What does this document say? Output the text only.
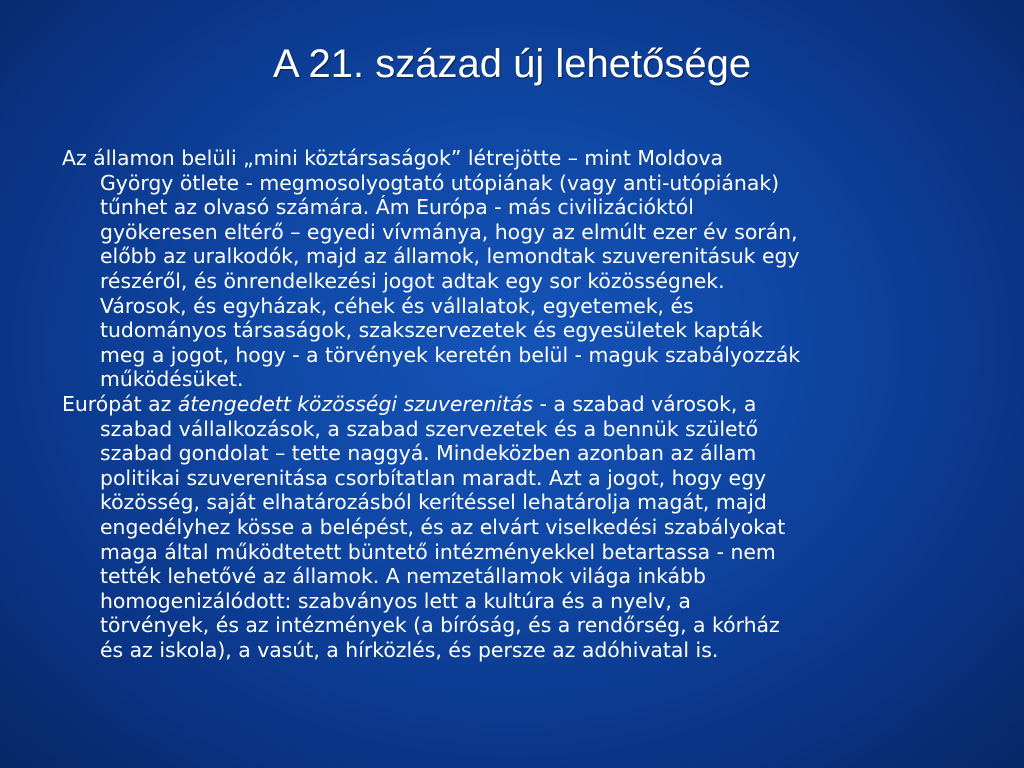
A 21. század új lehetősége

Az államon belüli „mini köztársaságok” létrejötte – mint Moldova
György ötlete - megmosolyogtató utópiának (vagy anti-utópiának)
tűnhet az olvasó számára. Ám Európa - más civilizációktól
gyökeresen eltérő – egyedi vívmánya, hogy az elmúlt ezer év során,
előbb az uralkodók, majd az államok, lemondtak szuverenitásuk egy
részéről, és önrendelkezési jogot adtak egy sor közösségnek.
Városok, és egyházak, céhek és vállalatok, egyetemek, és
tudományos társaságok, szakszervezetek és egyesületek kapták
meg a jogot, hogy - a törvények keretén belül - maguk szabályozzák
működésüket.

Európát az átengedett közösségi szuverenitás - a szabad városok, a
szabad vállalkozások, a szabad szervezetek és a bennük születő
szabad gondolat – tette naggyá. Mindeközben azonban az állam
politikai szuverenitása csorbítatlan maradt. Azt a jogot, hogy egy
közösség, saját elhatározásból kerítéssel lehatárolja magát, majd
engedélyhez kösse a belépést, és az elvárt viselkedési szabályokat
maga által működtetett büntető intézményekkel betartassa - nem
tették lehetővé az államok. A nemzetállamok világa inkább
homogenizálódott: szabványos lett a kultúra és a nyelv, a
törvények, és az intézmények (a bíróság, és a rendőrség, a kórház
és az iskola), a vasút, a hírközlés, és persze az adóhivatal is.
